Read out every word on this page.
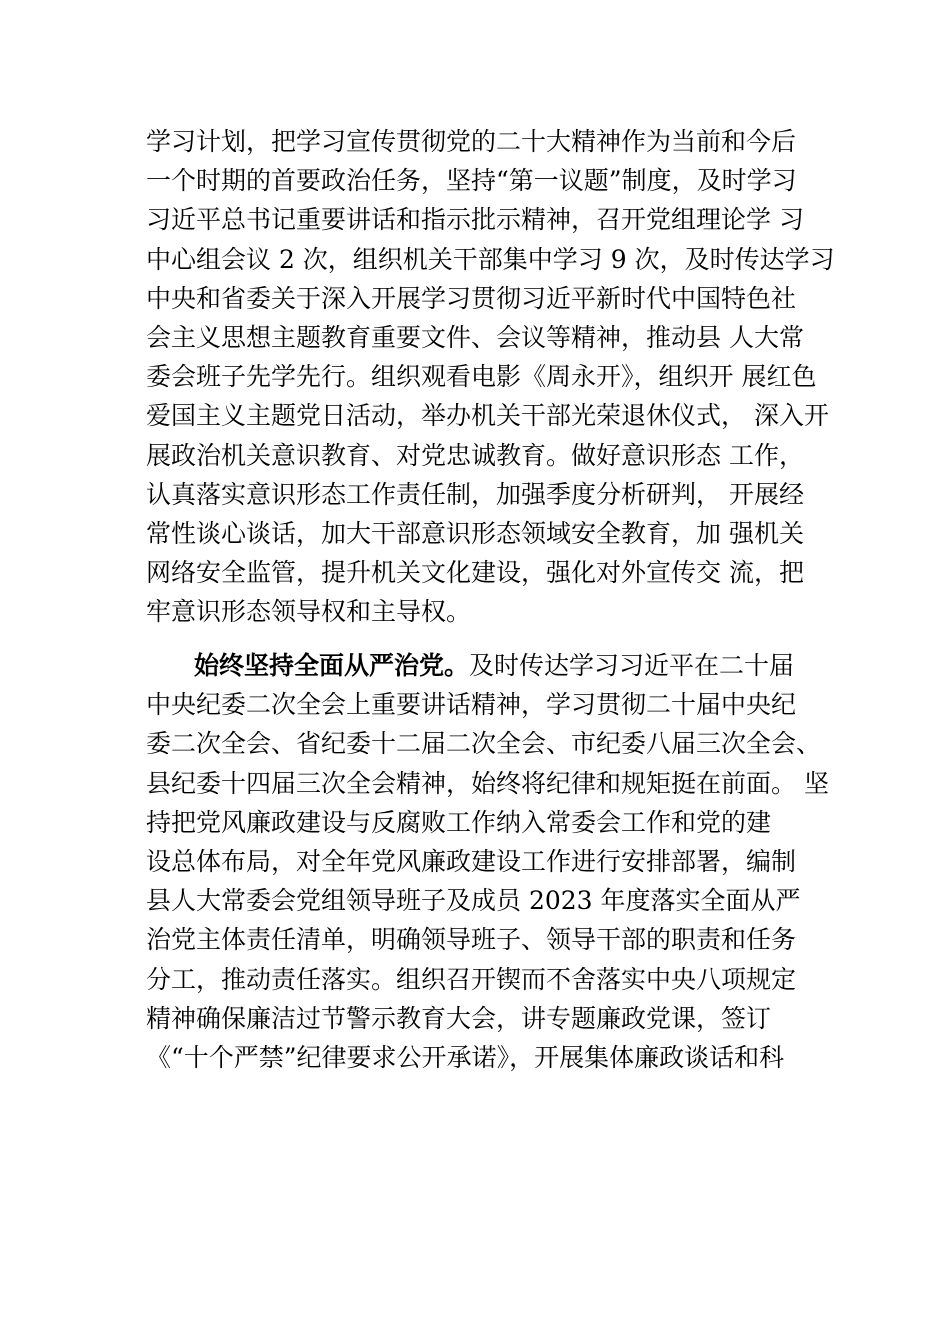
学习计划，把学习宣传贯彻党的二十大精神作为当前和今后
一个时期的首要政治任务，坚持“第一议题”制度，及时学习
习近平总书记重要讲话和指示批示精神，召开党组理论学 习
中心组会议 2 次，组织机关干部集中学习 9 次，及时传达学习
中央和省委关于深入开展学习贯彻习近平新时代中国特色社
会主义思想主题教育重要文件、会议等精神，推动县 人大常
委会班子先学先行。组织观看电影《周永开》，组织开 展红色
爱国主义主题党日活动，举办机关干部光荣退休仪式， 深入开
展政治机关意识教育、对党忠诚教育。做好意识形态 工作，
认真落实意识形态工作责任制，加强季度分析研判， 开展经
常性谈心谈话，加大干部意识形态领域安全教育，加 强机关
网络安全监管，提升机关文化建设，强化对外宣传交 流，把
牢意识形态领导权和主导权。
始终坚持全面从严治党。及时传达学习习近平在二十届
中央纪委二次全会上重要讲话精神，学习贯彻二十届中央纪
委二次全会、省纪委十二届二次全会、市纪委八届三次全会、
县纪委十四届三次全会精神，始终将纪律和规矩挺在前面。 坚
持把党风廉政建设与反腐败工作纳入常委会工作和党的建
设总体布局，对全年党风廉政建设工作进行安排部署，编制
县人大常委会党组领导班子及成员 2023 年度落实全面从严
治党主体责任清单，明确领导班子、领导干部的职责和任务
分工，推动责任落实。组织召开锲而不舍落实中央八项规定
精神确保廉洁过节警示教育大会，讲专题廉政党课，签订
《“十个严禁”纪律要求公开承诺》，开展集体廉政谈话和科
